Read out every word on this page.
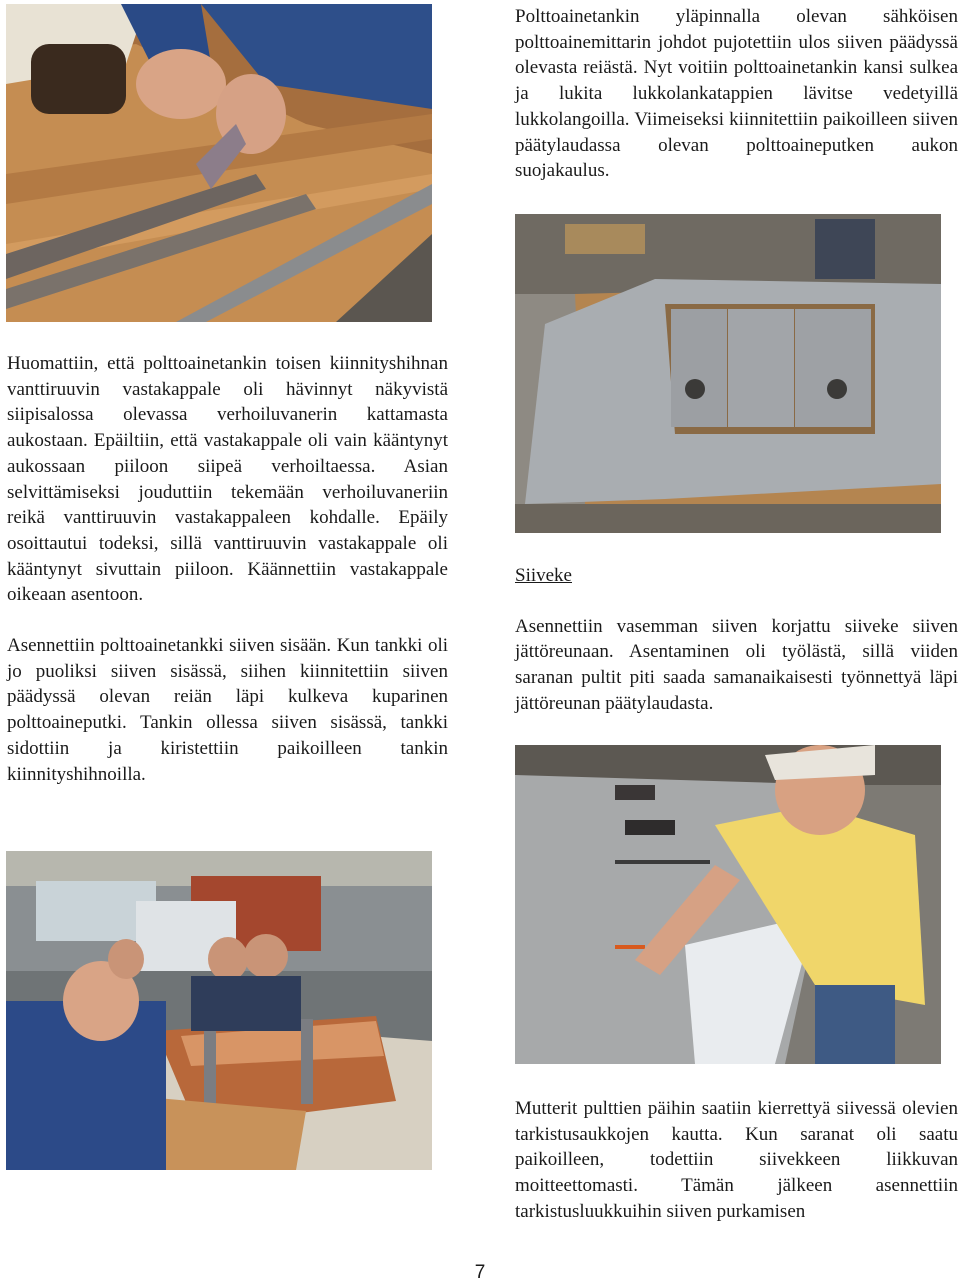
Polttoainetankin yläpinnalla olevan sähköisen polttoainemittarin johdot pujotettiin ulos siiven päädyssä olevasta reiästä. Nyt voitiin polttoainetankin kansi sulkea ja lukita lukkolankatappien lävitse vedetyillä lukkolangoilla. Viimeiseksi kiinnitettiin paikoilleen siiven päätylaudassa olevan polttoaineputken aukon suojakaulus.

Huomattiin, että polttoainetankin toisen kiinnityshihnan vanttiruuvin vastakappale oli hävinnyt näkyvistä siipisalossa olevassa verhoiluvanerin kattamasta aukostaan. Epäiltiin, että vastakappale oli vain kääntynyt aukossaan piiloon siipeä verhoiltaessa. Asian selvittämiseksi jouduttiin tekemään verhoiluvaneriin reikä vanttiruuvin vastakappaleen kohdalle. Epäily osoittautui todeksi, sillä vanttiruuvin vastakappale oli kääntynyt sivuttain piiloon. Käännettiin vastakappale oikeaan asentoon.

Asennettiin polttoainetankki siiven sisään. Kun tankki oli jo puoliksi siiven sisässä, siihen kiinnitettiin siiven päädyssä olevan reiän läpi kulkeva kuparinen polttoaineputki. Tankin ollessa siiven sisässä, tankki sidottiin ja kiristettiin paikoilleen tankin kiinnityshihnoilla.

Siiveke

Asennettiin vasemman siiven korjattu siiveke siiven jättöreunaan. Asentaminen oli työlästä, sillä viiden saranan pultit piti saada samanaikaisesti työnnettyä läpi jättöreunan päätylaudasta.

Mutterit pulttien päihin saatiin kierrettyä siivessä olevien tarkistusaukkojen kautta. Kun saranat oli saatu paikoilleen, todettiin siivekkeen liikkuvan moitteettomasti. Tämän jälkeen asennettiin tarkistusluukkuihin siiven purkamisen

7
